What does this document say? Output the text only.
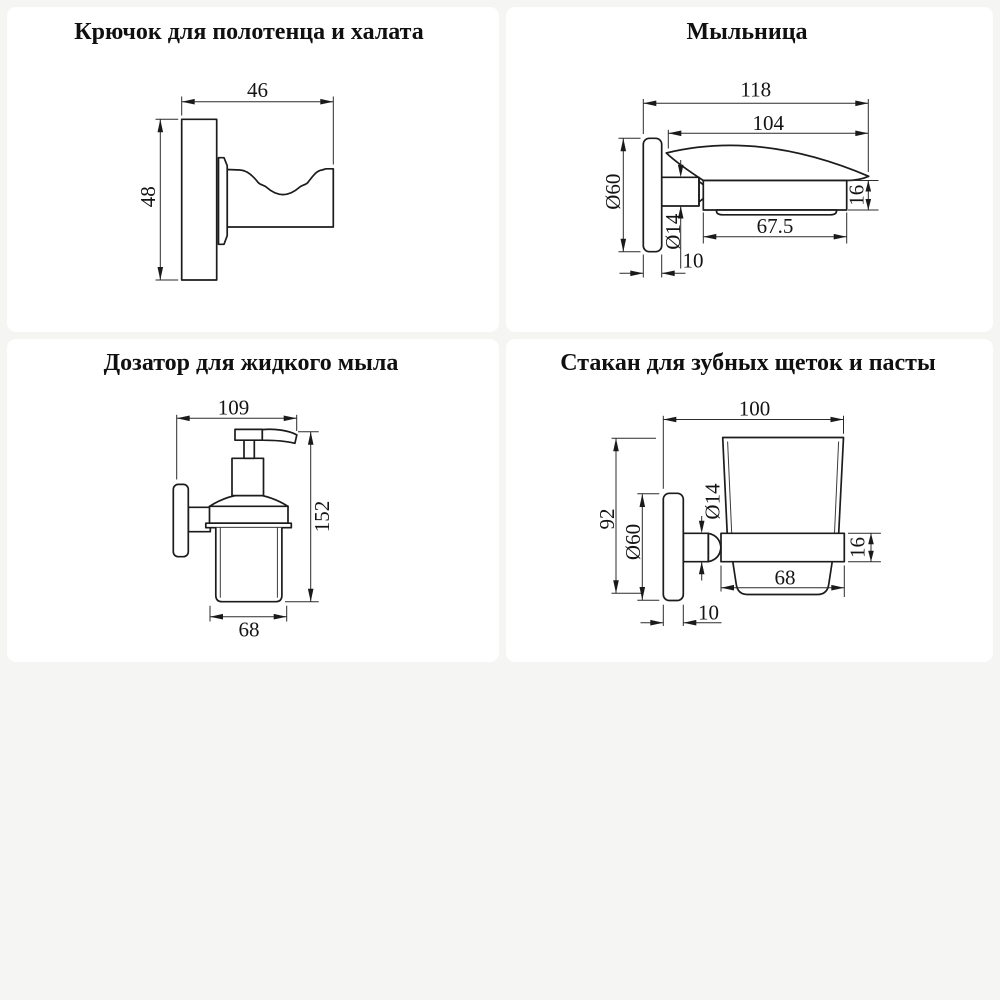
Крючок для полотенца и халата
46
48
Мыльница
118
104
Ø60
Ø14
16
67.5
10
Дозатор для жидкого мыла
109
152
68
Стакан для зубных щеток и пасты
100
92	Ø14
Ø60	16
68
10
